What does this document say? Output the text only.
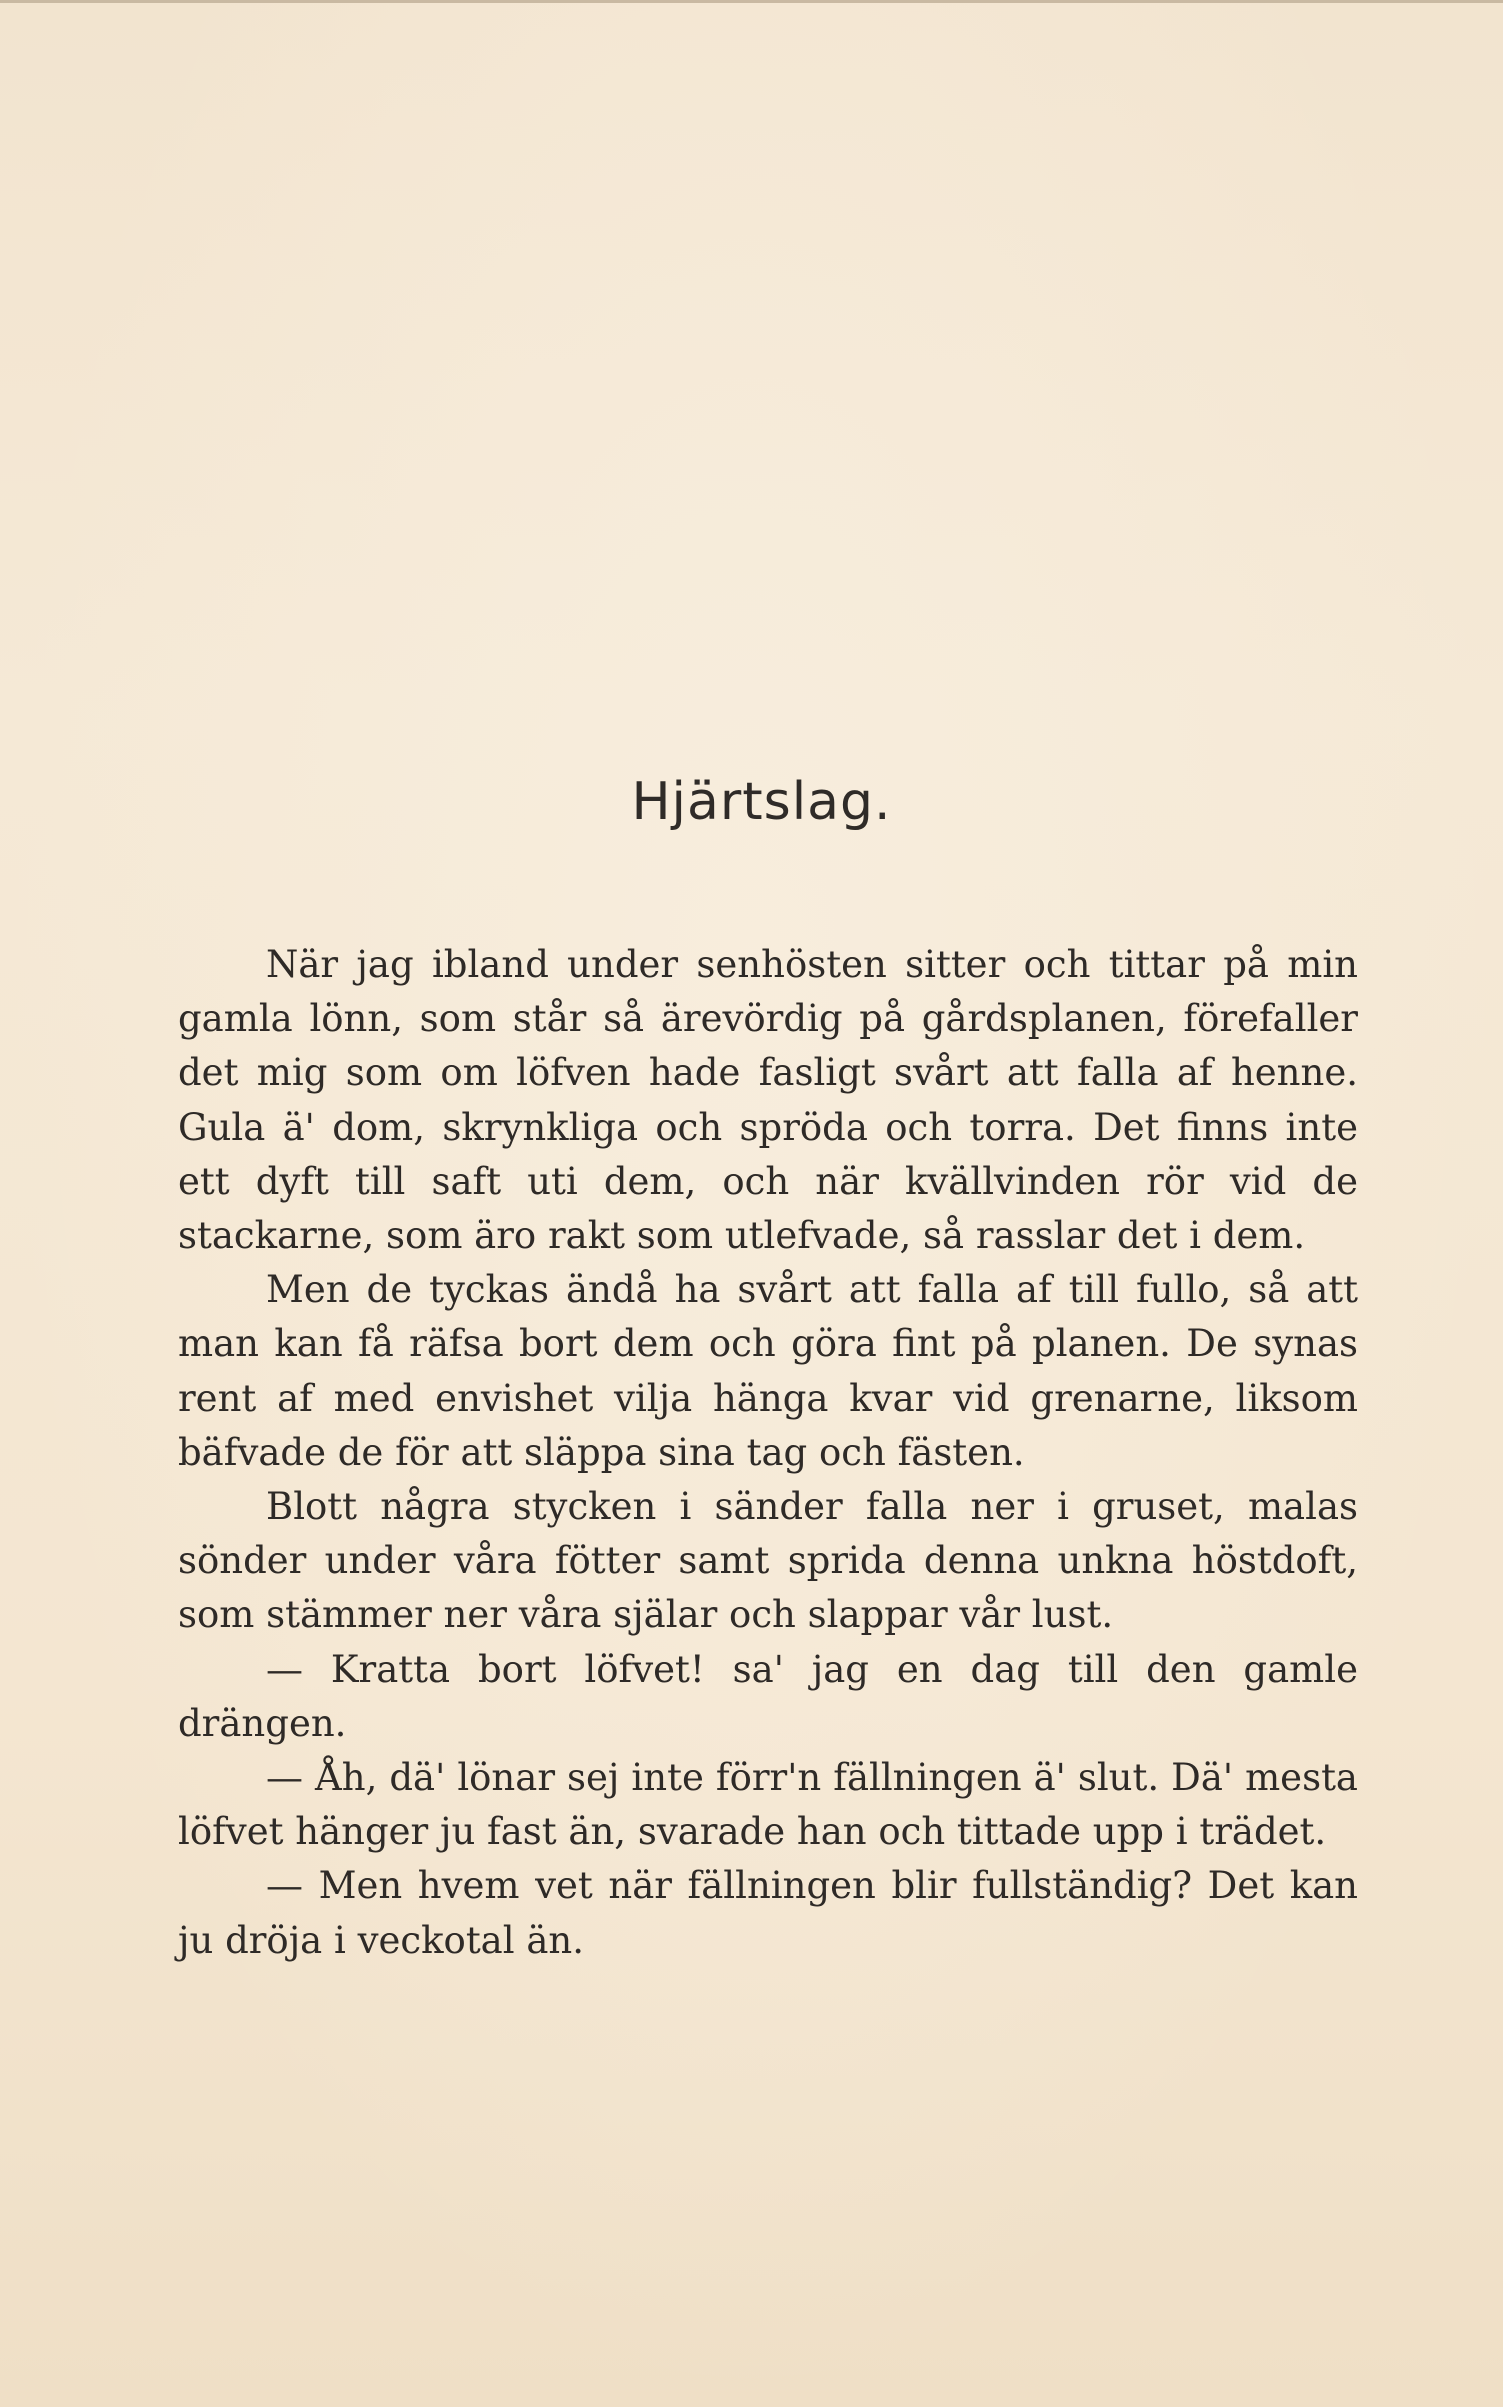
Hjärtslag.

När jag ibland under senhösten sitter och tittar på min gamla lönn, som står så ärevördig på gårdsplanen, förefaller det mig som om löfven hade fasligt svårt att falla af henne. Gula ä' dom, skrynkliga och spröda och torra. Det finns inte ett dyft till saft uti dem, och när kvällvinden rör vid de stackarne, som äro rakt som utlefvade, så rasslar det i dem.

Men de tyckas ändå ha svårt att falla af till fullo, så att man kan få räfsa bort dem och göra fint på planen. De synas rent af med envishet vilja hänga kvar vid grenarne, liksom bäfvade de för att släppa sina tag och fästen.

Blott några stycken i sänder falla ner i gruset, malas sönder under våra fötter samt sprida denna unkna höstdoft, som stämmer ner våra själar och slappar vår lust.

— Kratta bort löfvet! sa' jag en dag till den gamle drängen.

— Åh, dä' lönar sej inte förr'n fällningen ä' slut. Dä' mesta löfvet hänger ju fast än, svarade han och tittade upp i trädet.

— Men hvem vet när fällningen blir fullständig? Det kan ju dröja i veckotal än.
